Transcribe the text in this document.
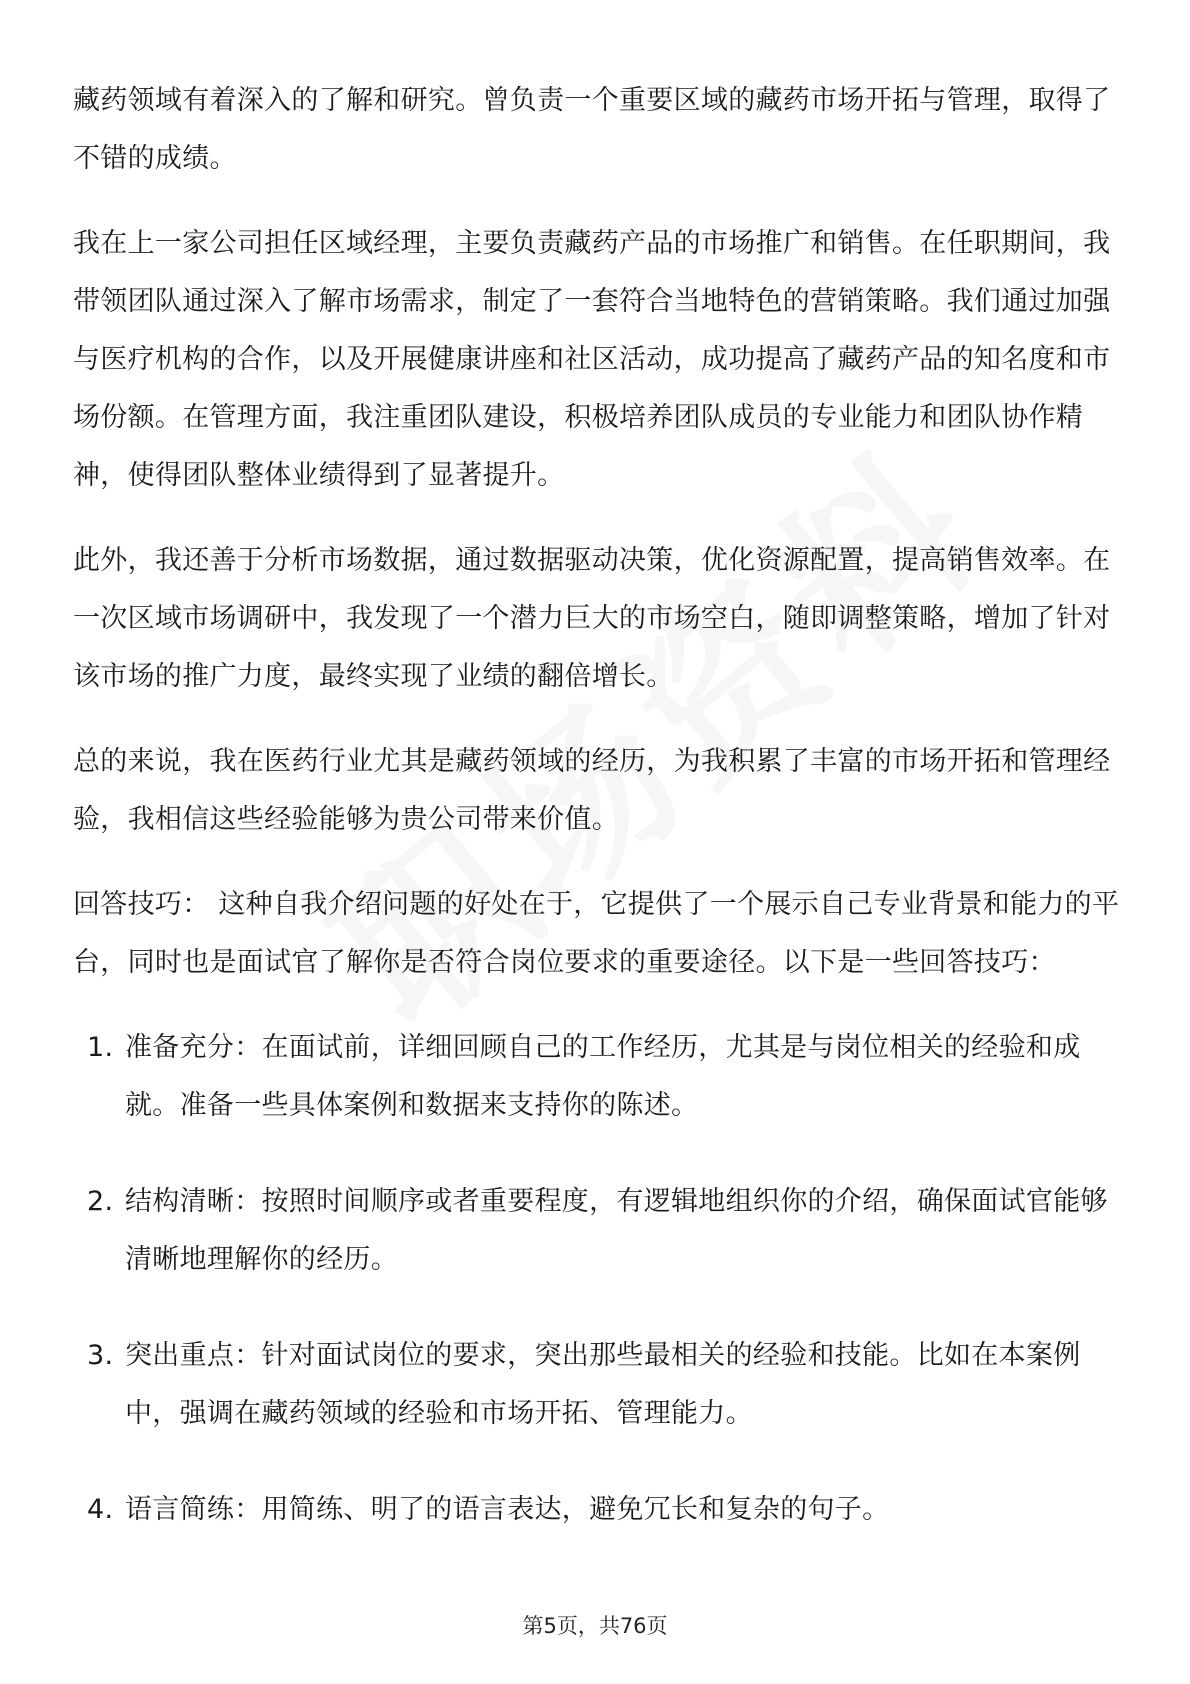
藏药领域有着深入的了解和研究。曾负责一个重要区域的藏药市场开拓与管理，取得了不错的成绩。

我在上一家公司担任区域经理，主要负责藏药产品的市场推广和销售。在任职期间，我带领团队通过深入了解市场需求，制定了一套符合当地特色的营销策略。我们通过加强与医疗机构的合作，以及开展健康讲座和社区活动，成功提高了藏药产品的知名度和市场份额。在管理方面，我注重团队建设，积极培养团队成员的专业能力和团队协作精神，使得团队整体业绩得到了显著提升。

此外，我还善于分析市场数据，通过数据驱动决策，优化资源配置，提高销售效率。在一次区域市场调研中，我发现了一个潜力巨大的市场空白，随即调整策略，增加了针对该市场的推广力度，最终实现了业绩的翻倍增长。

总的来说，我在医药行业尤其是藏药领域的经历，为我积累了丰富的市场开拓和管理经验，我相信这些经验能够为贵公司带来价值。

回答技巧： 这种自我介绍问题的好处在于，它提供了一个展示自己专业背景和能力的平台，同时也是面试官了解你是否符合岗位要求的重要途径。以下是一些回答技巧：

1. 准备充分：在面试前，详细回顾自己的工作经历，尤其是与岗位相关的经验和成就。准备一些具体案例和数据来支持你的陈述。
2. 结构清晰：按照时间顺序或者重要程度，有逻辑地组织你的介绍，确保面试官能够清晰地理解你的经历。
3. 突出重点：针对面试岗位的要求，突出那些最相关的经验和技能。比如在本案例中，强调在藏药领域的经验和市场开拓、管理能力。
4. 语言简练：用简练、明了的语言表达，避免冗长和复杂的句子。
第5页，共76页
